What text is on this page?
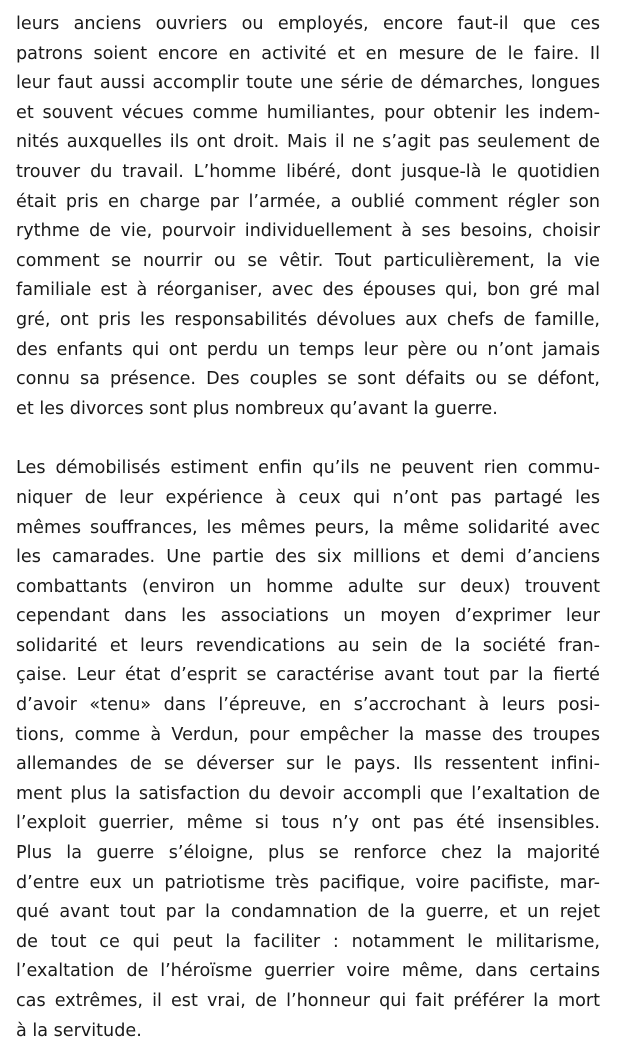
leurs anciens ouvriers ou employés, encore faut-il que ces
patrons soient encore en activité et en mesure de le faire. Il
leur faut aussi accomplir toute une série de démarches, longues
et souvent vécues comme humiliantes, pour obtenir les indem-
nités auxquelles ils ont droit. Mais il ne s’agit pas seulement de
trouver du travail. L’homme libéré, dont jusque-là le quotidien
était pris en charge par l’armée, a oublié comment régler son
rythme de vie, pourvoir individuellement à ses besoins, choisir
comment se nourrir ou se vêtir. Tout particulièrement, la vie
familiale est à réorganiser, avec des épouses qui, bon gré mal
gré, ont pris les responsabilités dévolues aux chefs de famille,
des enfants qui ont perdu un temps leur père ou n’ont jamais
connu sa présence. Des couples se sont défaits ou se défont,
et les divorces sont plus nombreux qu’avant la guerre.
Les démobilisés estiment enfin qu’ils ne peuvent rien commu-
niquer de leur expérience à ceux qui n’ont pas partagé les
mêmes souffrances, les mêmes peurs, la même solidarité avec
les camarades. Une partie des six millions et demi d’anciens
combattants (environ un homme adulte sur deux) trouvent
cependant dans les associations un moyen d’exprimer leur
solidarité et leurs revendications au sein de la société fran-
çaise. Leur état d’esprit se caractérise avant tout par la fierté
d’avoir «tenu» dans l’épreuve, en s’accrochant à leurs posi-
tions, comme à Verdun, pour empêcher la masse des troupes
allemandes de se déverser sur le pays. Ils ressentent infini-
ment plus la satisfaction du devoir accompli que l’exaltation de
l’exploit guerrier, même si tous n’y ont pas été insensibles.
Plus la guerre s’éloigne, plus se renforce chez la majorité
d’entre eux un patriotisme très pacifique, voire pacifiste, mar-
qué avant tout par la condamnation de la guerre, et un rejet
de tout ce qui peut la faciliter : notamment le militarisme,
l’exaltation de l’héroïsme guerrier voire même, dans certains
cas extrêmes, il est vrai, de l’honneur qui fait préférer la mort
à la servitude.
